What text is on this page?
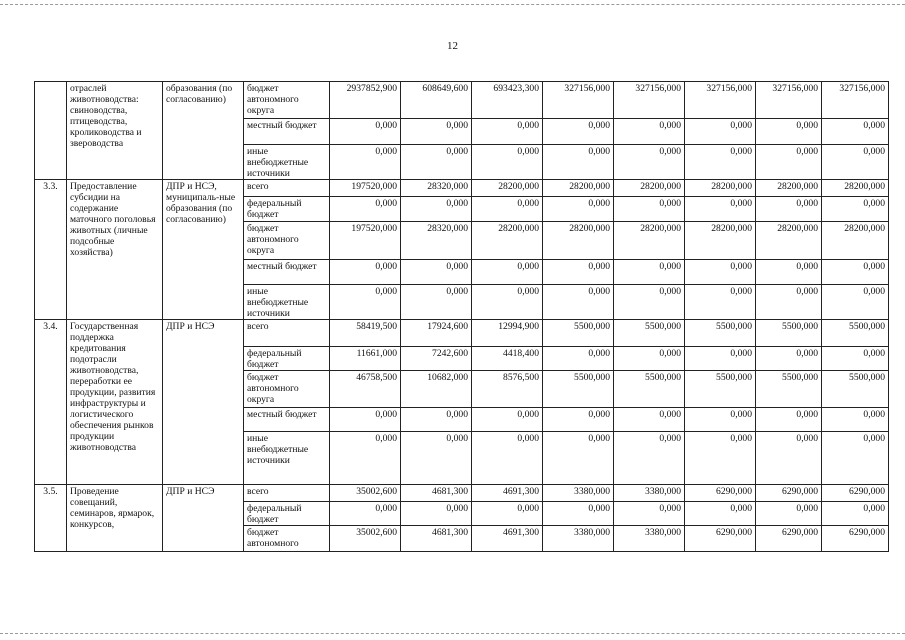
12
	отраслей животноводства: свиноводства, птицеводства, кролиководства и звероводства	образования (по согласованию)	бюджет автономного округа	2937852,900	608649,600	693423,300	327156,000	327156,000	327156,000	327156,000	327156,000
			местный бюджет	0,000	0,000	0,000	0,000	0,000	0,000	0,000	0,000
			иные внебюджетные источники	0,000	0,000	0,000	0,000	0,000	0,000	0,000	0,000
3.3.	Предоставление субсидии на содержание маточного поголовья животных (личные подсобные хозяйства)	ДПР и НСЭ, муниципаль-ные образования (по согласованию)	всего	197520,000	28320,000	28200,000	28200,000	28200,000	28200,000	28200,000	28200,000
			федеральный бюджет	0,000	0,000	0,000	0,000	0,000	0,000	0,000	0,000
			бюджет автономного округа	197520,000	28320,000	28200,000	28200,000	28200,000	28200,000	28200,000	28200,000
			местный бюджет	0,000	0,000	0,000	0,000	0,000	0,000	0,000	0,000
			иные внебюджетные источники	0,000	0,000	0,000	0,000	0,000	0,000	0,000	0,000
3.4.	Государственная поддержка кредитования подотрасли животноводства, переработки ее продукции, развития инфраструктуры и логистического обеспечения рынков продукции животноводства	ДПР и НСЭ	всего	58419,500	17924,600	12994,900	5500,000	5500,000	5500,000	5500,000	5500,000
			федеральный бюджет	11661,000	7242,600	4418,400	0,000	0,000	0,000	0,000	0,000
			бюджет автономного округа	46758,500	10682,000	8576,500	5500,000	5500,000	5500,000	5500,000	5500,000
			местный бюджет	0,000	0,000	0,000	0,000	0,000	0,000	0,000	0,000
			иные внебюджетные источники	0,000	0,000	0,000	0,000	0,000	0,000	0,000	0,000
3.5.	Проведение совещаний, семинаров, ярмарок, конкурсов,	ДПР и НСЭ	всего	35002,600	4681,300	4691,300	3380,000	3380,000	6290,000	6290,000	6290,000
			федеральный бюджет	0,000	0,000	0,000	0,000	0,000	0,000	0,000	0,000
			бюджет автономного	35002,600	4681,300	4691,300	3380,000	3380,000	6290,000	6290,000	6290,000
